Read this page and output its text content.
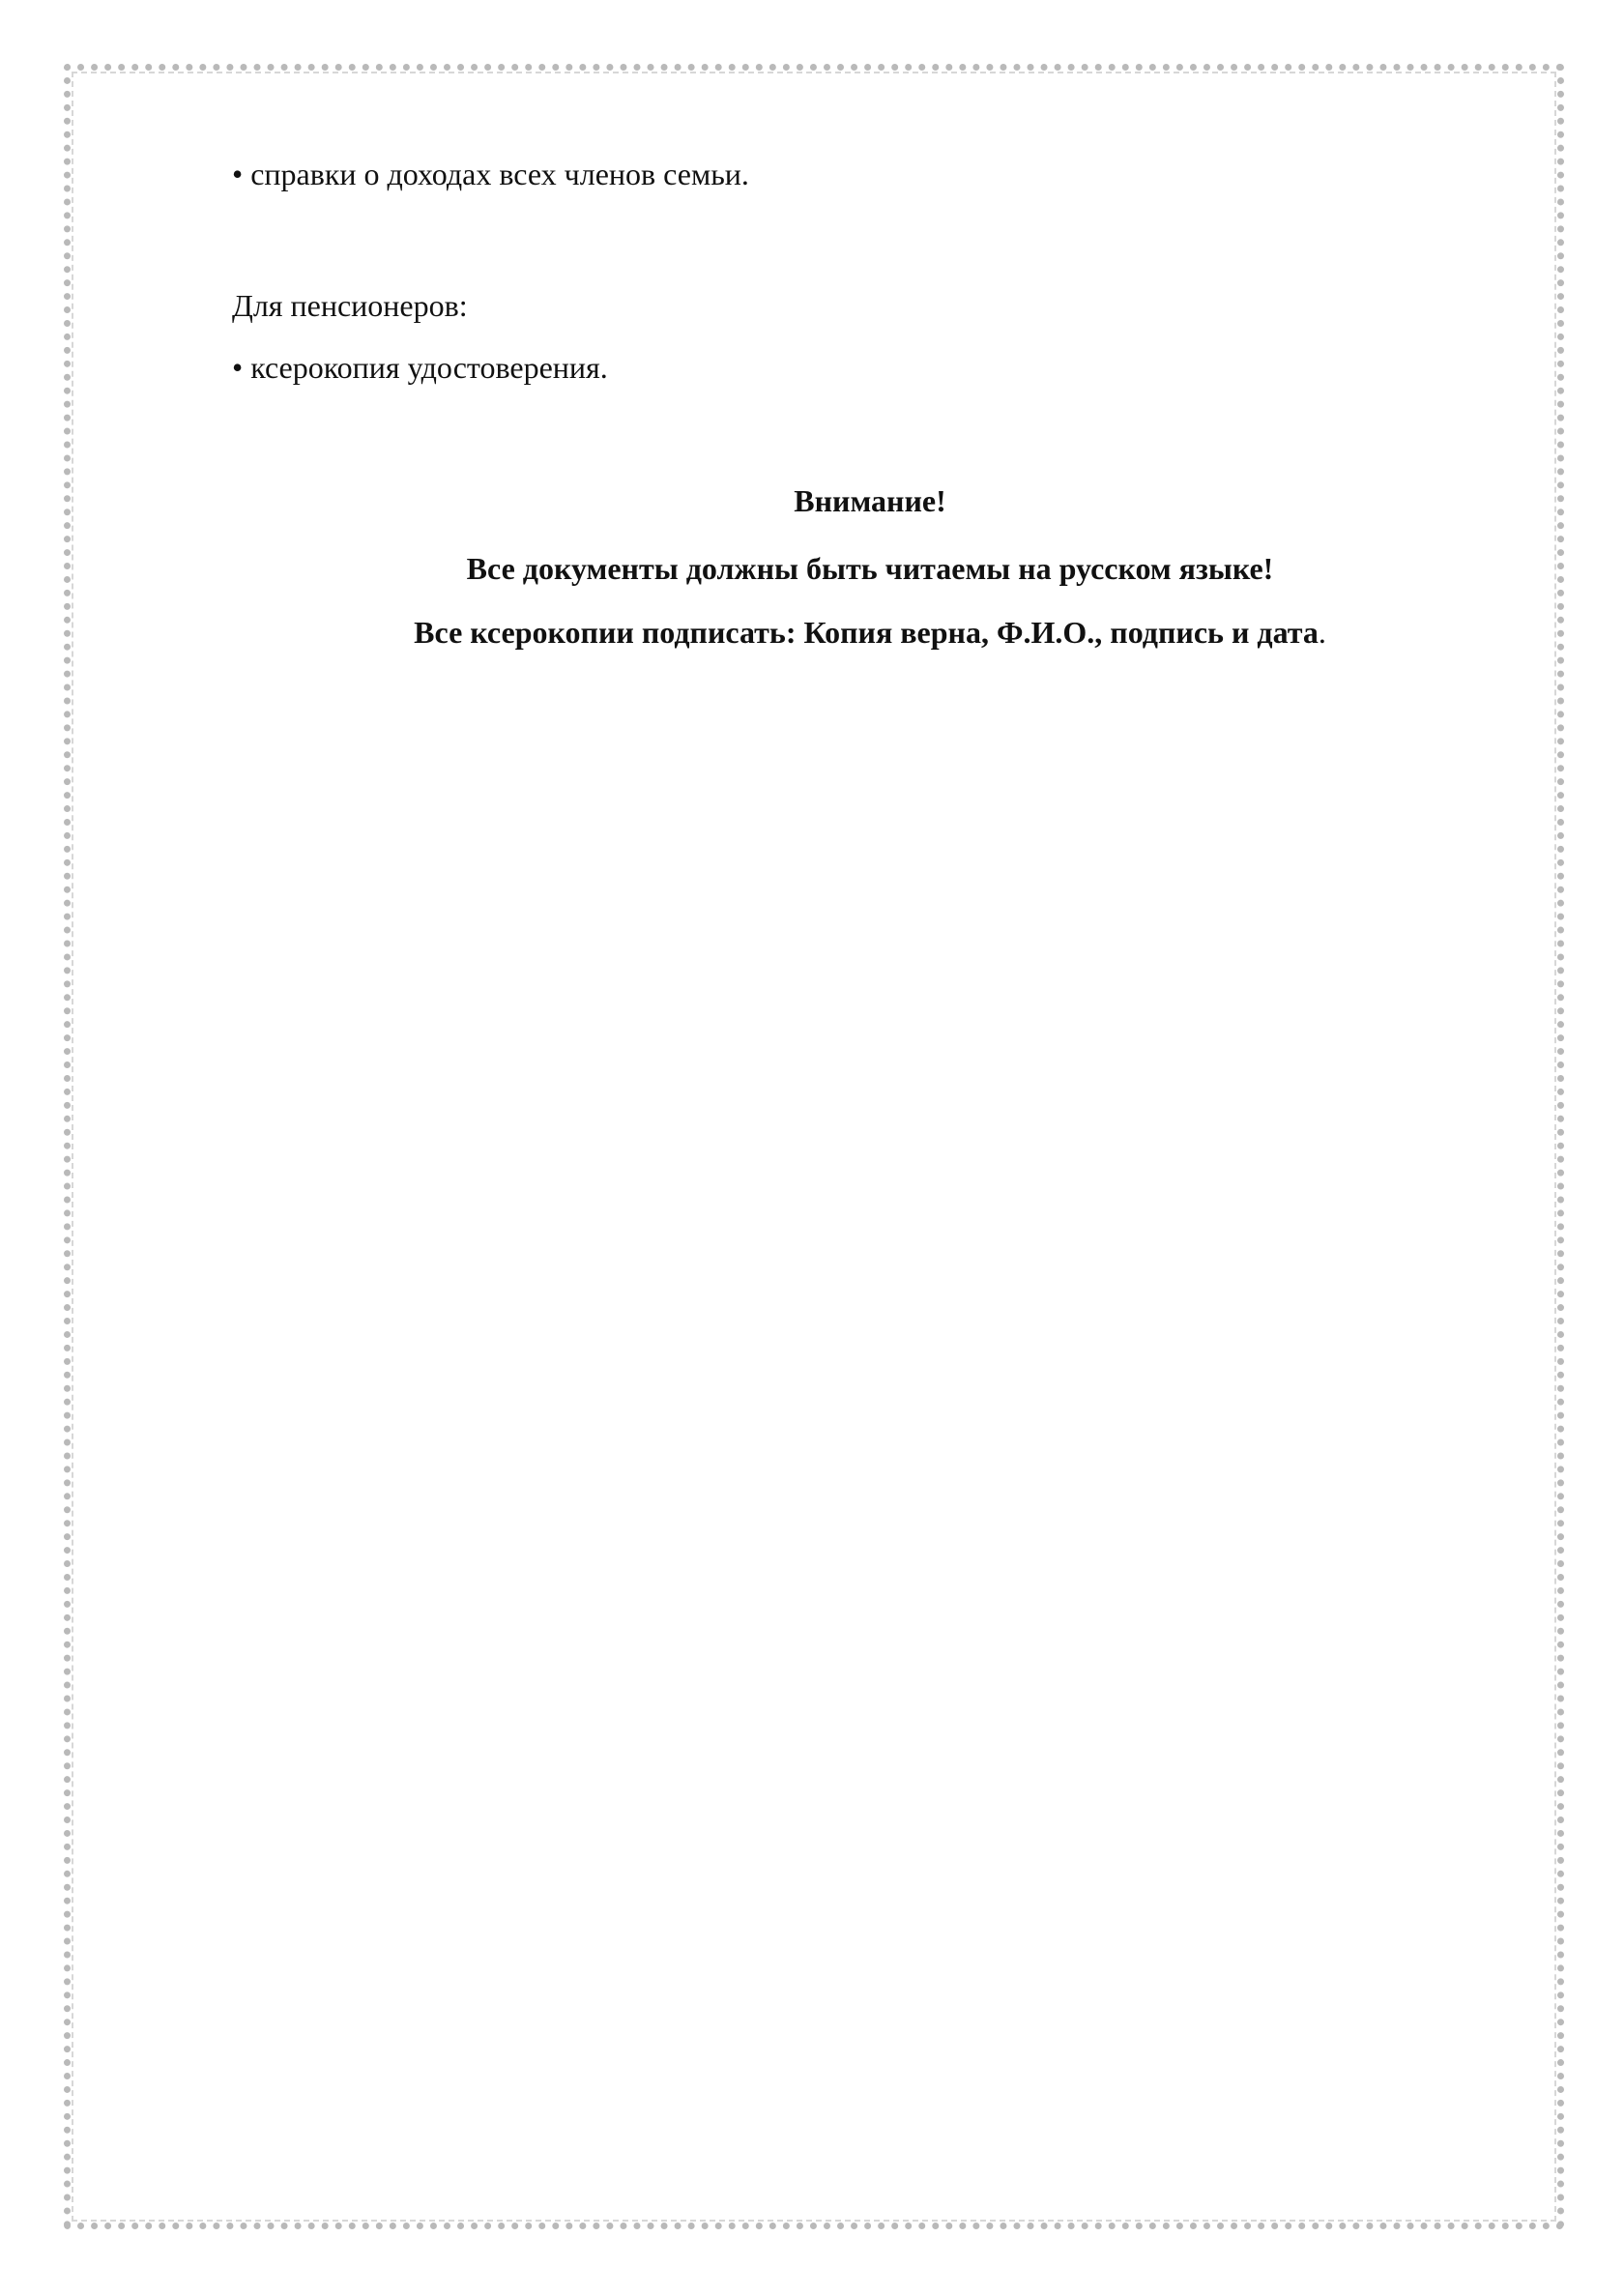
• справки о доходах всех членов семьи.

Для пенсионеров:

• ксерокопия удостоверения.

Внимание!
Все документы должны быть читаемы на русском языке!
Все ксерокопии подписать: Копия верна, Ф.И.О., подпись и дата.
